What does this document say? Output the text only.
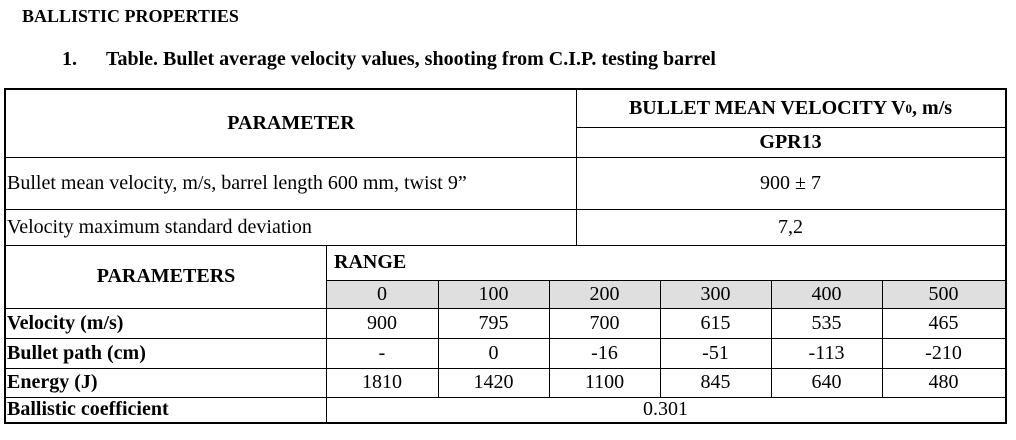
BALLISTIC PROPERTIES
1. Table. Bullet average velocity values, shooting from C.I.P. testing barrel
PARAMETER
BULLET MEAN VELOCITY V 0 , m/s
GPR13
Bullet mean velocity, m/s, barrel length 600 mm, twist 9”	900 ± 7
Velocity maximum standard deviation	7,2
PARAMETERS
RANGE
0	100	200	300	400	500
Velocity (m/s)	900	795	700	615	535	465
Bullet path (cm)	-	0	-16	-51	-113	-210
Energy (J)	1810	1420	1100	845	640	480
Ballistic coefficient	0.301
